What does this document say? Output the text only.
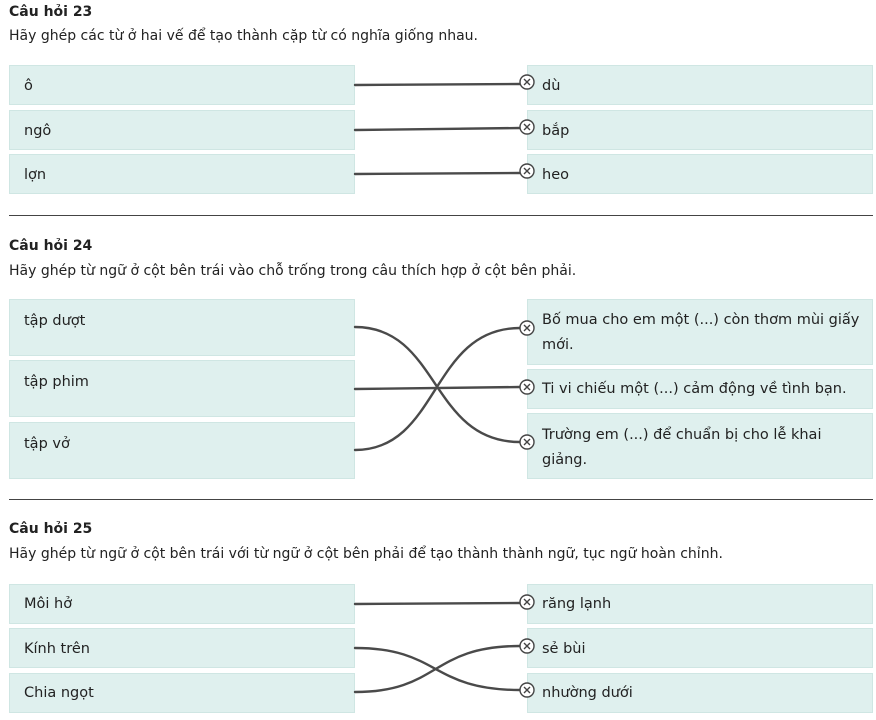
Câu hỏi 23
Hãy ghép các từ ở hai vế để tạo thành cặp từ có nghĩa giống nhau.
ô
ngô
lợn
dù
bắp
heo
Câu hỏi 24
Hãy ghép từ ngữ ở cột bên trái vào chỗ trống trong câu thích hợp ở cột bên phải.
tập dượt
tập phim
tập vở
Bố mua cho em một (...) còn thơm mùi giấy mới.
Ti vi chiếu một (...) cảm động về tình bạn.
Trường em (...) để chuẩn bị cho lễ khai giảng.
Câu hỏi 25
Hãy ghép từ ngữ ở cột bên trái với từ ngữ ở cột bên phải để tạo thành thành ngữ, tục ngữ hoàn chỉnh.
Môi hở
Kính trên
Chia ngọt
răng lạnh
sẻ bùi
nhường dưới
